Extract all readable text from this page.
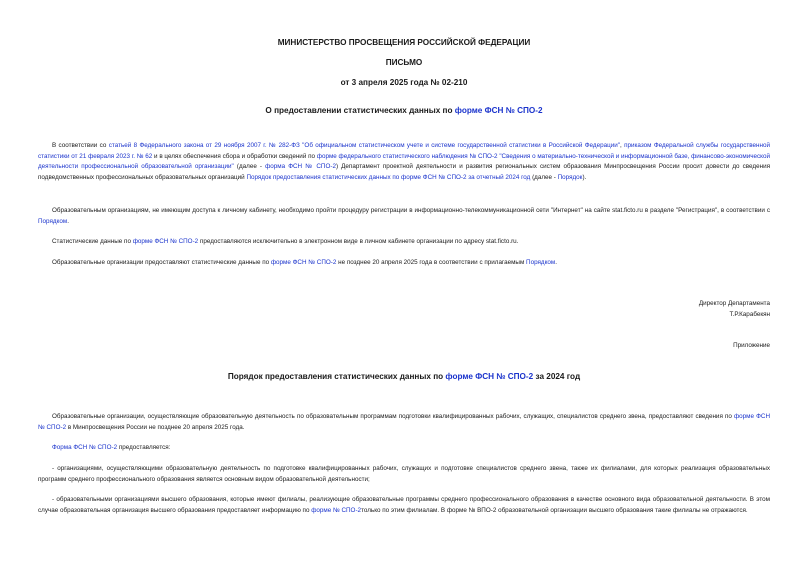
МИНИСТЕРСТВО ПРОСВЕЩЕНИЯ РОССИЙСКОЙ ФЕДЕРАЦИИ
ПИСЬМО
от 3 апреля 2025 года № 02-210
О предоставлении статистических данных по форме ФСН № СПО-2

В соответствии со статьей 8 Федерального закона от 29 ноября 2007 г. № 282-ФЗ "Об официальном статистическом учете и системе государственной статистики в Российской Федерации", приказом Федеральной службы государственной статистики от 21 февраля 2023 г. № 62 и в целях обеспечения сбора и обработки сведений по форме федерального статистического наблюдения № СПО-2 "Сведения о материально-технической и информационной базе, финансово-экономической деятельности профессиональной образовательной организации" (далее - форма ФСН № СПО-2) Департамент проектной деятельности и развития региональных систем образования Минпросвещения России просит довести до сведения подведомственных профессиональных образовательных организаций Порядок предоставления статистических данных по форме ФСН № СПО-2 за отчетный 2024 год (далее - Порядок).

Образовательным организациям, не имеющим доступа к личному кабинету, необходимо пройти процедуру регистрации в информационно-телекоммуникационной сети "Интернет" на сайте stat.ficto.ru в разделе "Регистрация", в соответствии с Порядком.

Статистические данные по форме ФСН № СПО-2 предоставляются исключительно в электронном виде в личном кабинете организации по адресу stat.ficto.ru.

Образовательные организации предоставляют статистические данные по форме ФСН № СПО-2 не позднее 20 апреля 2025 года в соответствии с прилагаемым Порядком.

Директор Департамента
Т.Р.Карабекян
Приложение
Порядок предоставления статистических данных по форме ФСН № СПО-2 за 2024 год

Образовательные организации, осуществляющие образовательную деятельность по образовательным программам подготовки квалифицированных рабочих, служащих, специалистов среднего звена, предоставляют сведения по форме ФСН № СПО-2 в Минпросвещения России не позднее 20 апреля 2025 года.

Форма ФСН № СПО-2 предоставляется:

- организациями, осуществляющими образовательную деятельность по подготовке квалифицированных рабочих, служащих и подготовке специалистов среднего звена, также их филиалами, для которых реализация образовательных программ среднего профессионального образования является основным видом образовательной деятельности;

- образовательными организациями высшего образования, которые имеют филиалы, реализующие образовательные программы среднего профессионального образования в качестве основного вида образовательной деятельности. В этом случае образовательная организация высшего образования предоставляет информацию по форме № СПО-2только по этим филиалам. В форме № ВПО-2 образовательной организации высшего образования такие филиалы не отражаются.
